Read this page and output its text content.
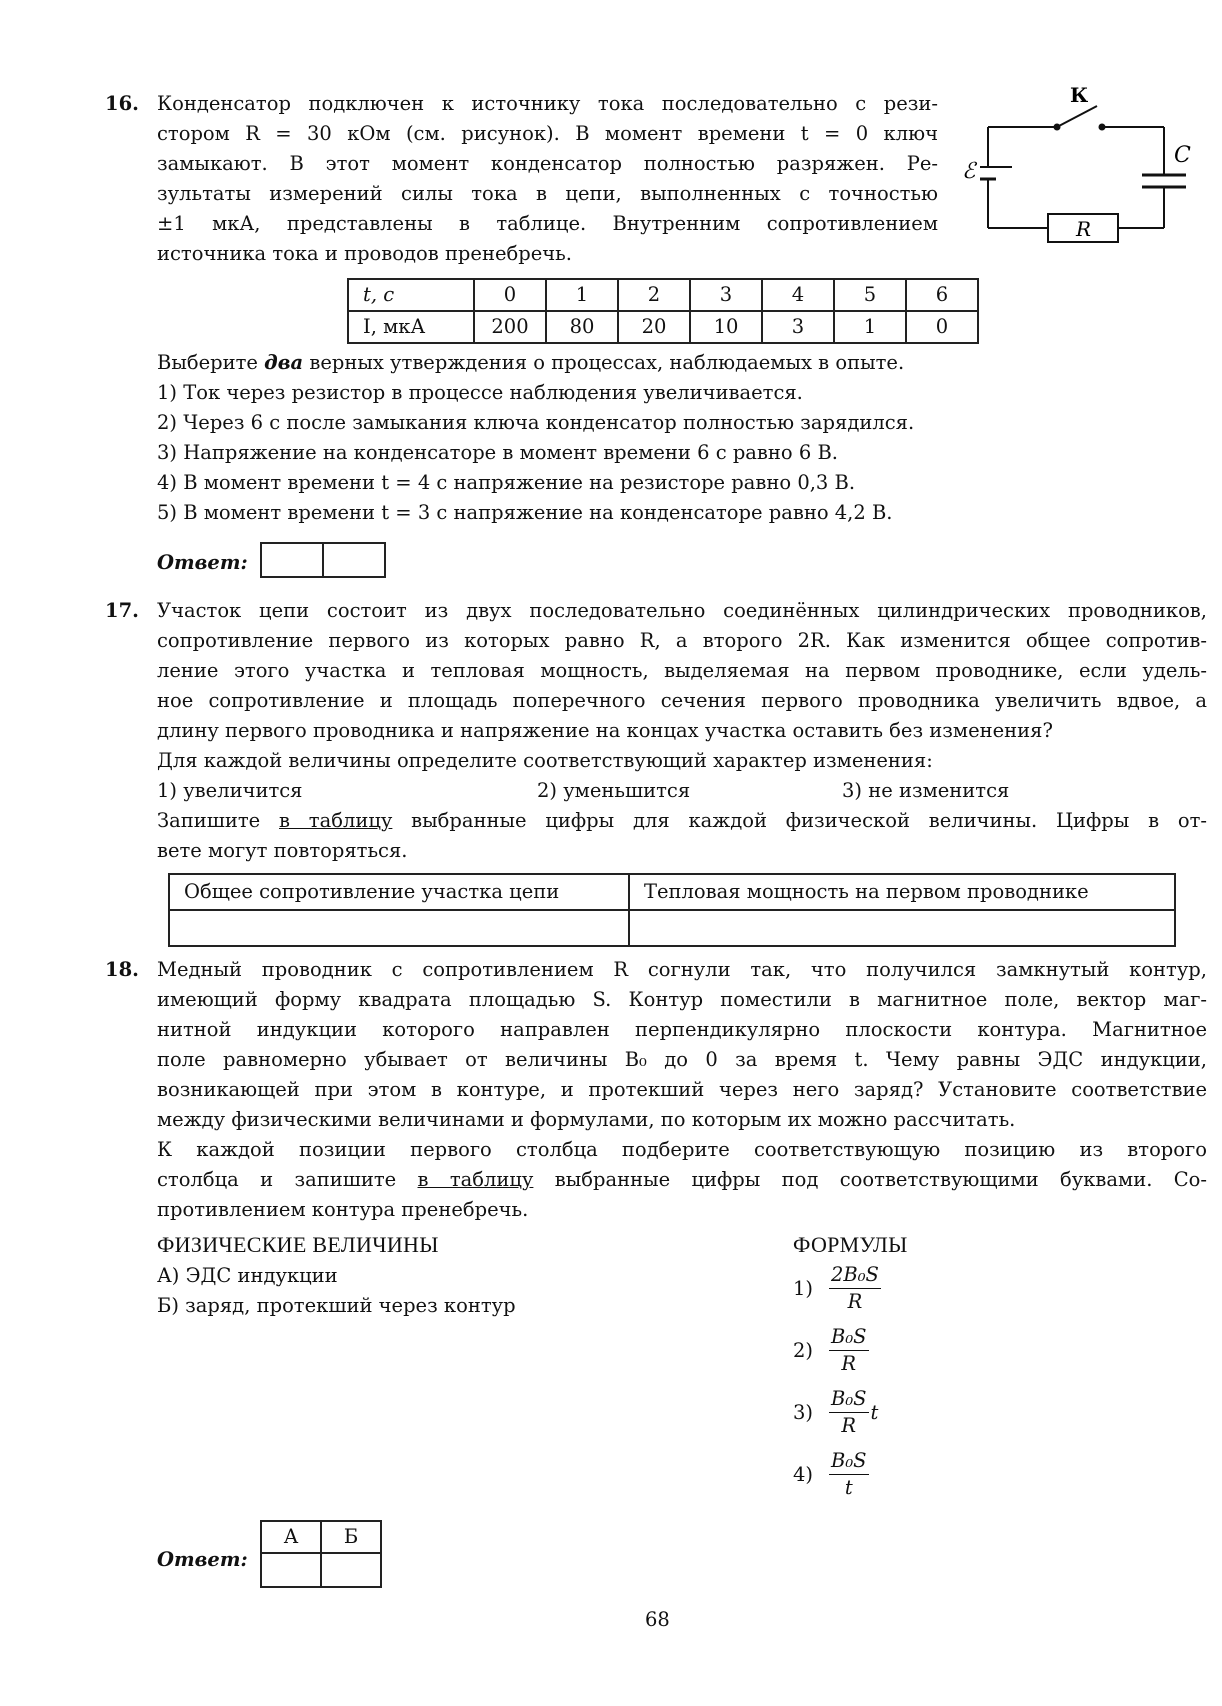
16. Конденсатор подключен к источнику тока последовательно с рези-
стором R = 30 кОм (см. рисунок). В момент времени t = 0 ключ
замыкают. В этот момент конденсатор полностью разряжен. Ре-
зультаты измерений силы тока в цепи, выполненных с точностью
±1 мкА, представлены в таблице. Внутренним сопротивлением
источника тока и проводов пренебречь.
К
ℰ
C
R
t, с	0	1	2	3	4	5	6
I, мкА	200	80	20	10	3	1	0
Выберите два верных утверждения о процессах, наблюдаемых в опыте.
1) Ток через резистор в процессе наблюдения увеличивается.
2) Через 6 с после замыкания ключа конденсатор полностью зарядился.
3) Напряжение на конденсаторе в момент времени 6 с равно 6 В.
4) В момент времени t = 4 с напряжение на резисторе равно 0,3 В.
5) В момент времени t = 3 с напряжение на конденсаторе равно 4,2 В.
Ответ:
17. Участок цепи состоит из двух последовательно соединённых цилиндрических проводников,
сопротивление первого из которых равно R, а второго 2R. Как изменится общее сопротив-
ление этого участка и тепловая мощность, выделяемая на первом проводнике, если удель-
ное сопротивление и площадь поперечного сечения первого проводника увеличить вдвое, а
длину первого проводника и напряжение на концах участка оставить без изменения?
Для каждой величины определите соответствующий характер изменения:
1) увеличится	2) уменьшится	3) не изменится
Запишите в таблицу выбранные цифры для каждой физической величины. Цифры в от-
вете могут повторяться.
Общее сопротивление участка цепи	Тепловая мощность на первом проводнике

18. Медный проводник с сопротивлением R согнули так, что получился замкнутый контур,
имеющий форму квадрата площадью S. Контур поместили в магнитное поле, вектор маг-
нитной индукции которого направлен перпендикулярно плоскости контура. Магнитное
поле равномерно убывает от величины B₀ до 0 за время t. Чему равны ЭДС индукции,
возникающей при этом в контуре, и протекший через него заряд? Установите соответствие
между физическими величинами и формулами, по которым их можно рассчитать.
К каждой позиции первого столбца подберите соответствующую позицию из второго
столбца и запишите в таблицу выбранные цифры под соответствующими буквами. Со-
противлением контура пренебречь.
ФИЗИЧЕСКИЕ ВЕЛИЧИНЫ	ФОРМУЛЫ
А) ЭДС индукции
Б) заряд, протекший через контур
$1) \frac{\text{2B₀S}}{R}$
$2) \frac{\text{B₀S}}{R}$
$3) \frac{\text{B₀S}}{R}$ t
$4) \frac{\text{B₀S}}{t}$
Ответ:
А	Б

68
